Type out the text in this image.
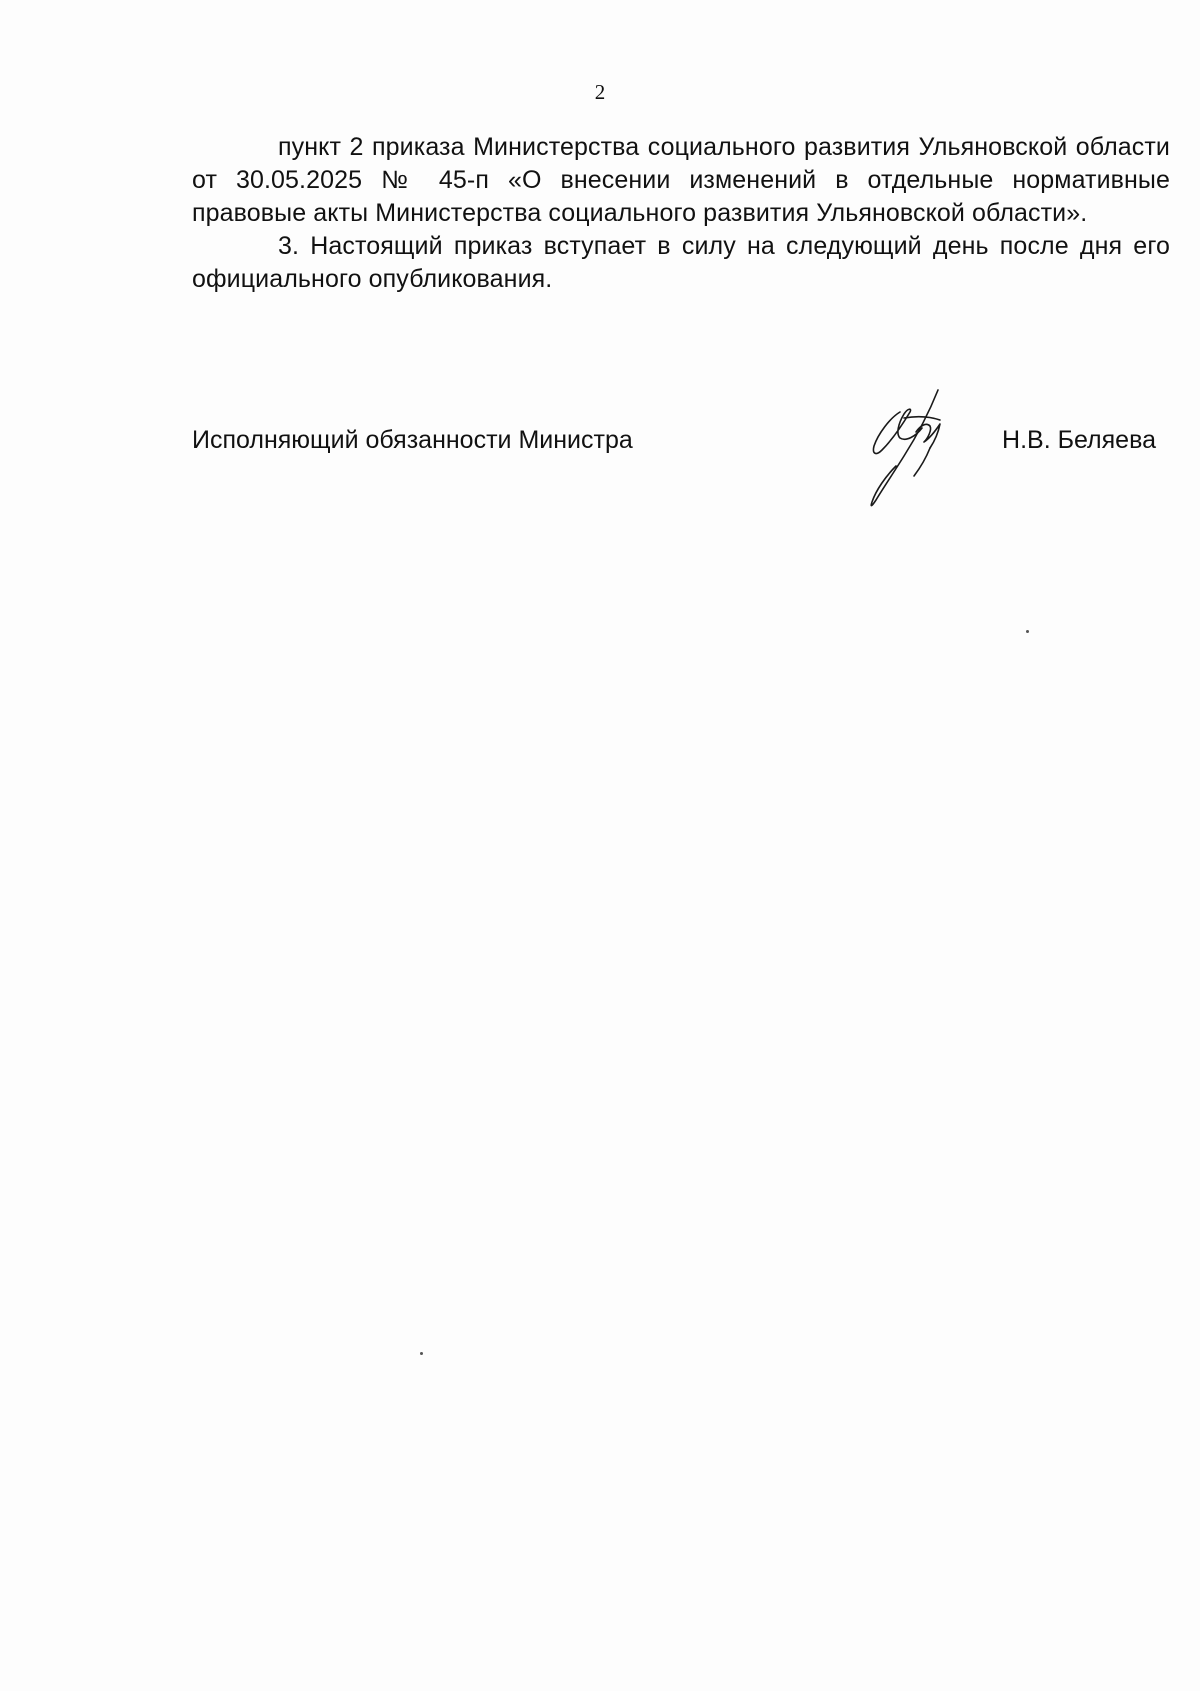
2

пункт 2 приказа Министерства социального развития Ульяновской области от 30.05.2025 № 45-п «О внесении изменений в отдельные нормативные правовые акты Министерства социального развития Ульяновской области».

3. Настоящий приказ вступает в силу на следующий день после дня его официального опубликования.

Исполняющий обязанности Министра	Н.В. Беляева
